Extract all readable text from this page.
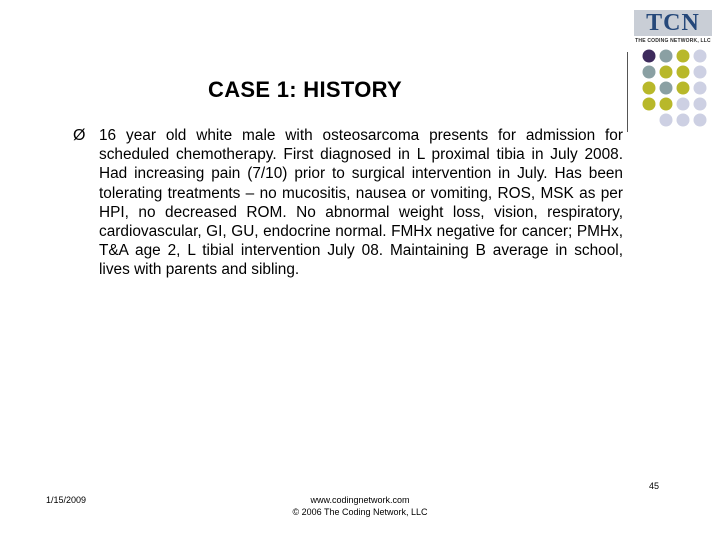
TCN
THE CODING NETWORK, LLC
CASE 1: HISTORY
Ø 16 year old white male with osteosarcoma presents for admission for scheduled chemotherapy. First diagnosed in L proximal tibia in July 2008. Had increasing pain (7/10) prior to surgical intervention in July. Has been tolerating treatments – no mucositis, nausea or vomiting, ROS, MSK as per HPI, no decreased ROM. No abnormal weight loss, vision, respiratory, cardiovascular, GI, GU, endocrine normal. FMHx negative for cancer; PMHx, T&A age 2, L tibial intervention July 08. Maintaining B average in school, lives with parents and sibling.
45
1/15/2009	www.codingnetwork.com
© 2006 The Coding Network, LLC
